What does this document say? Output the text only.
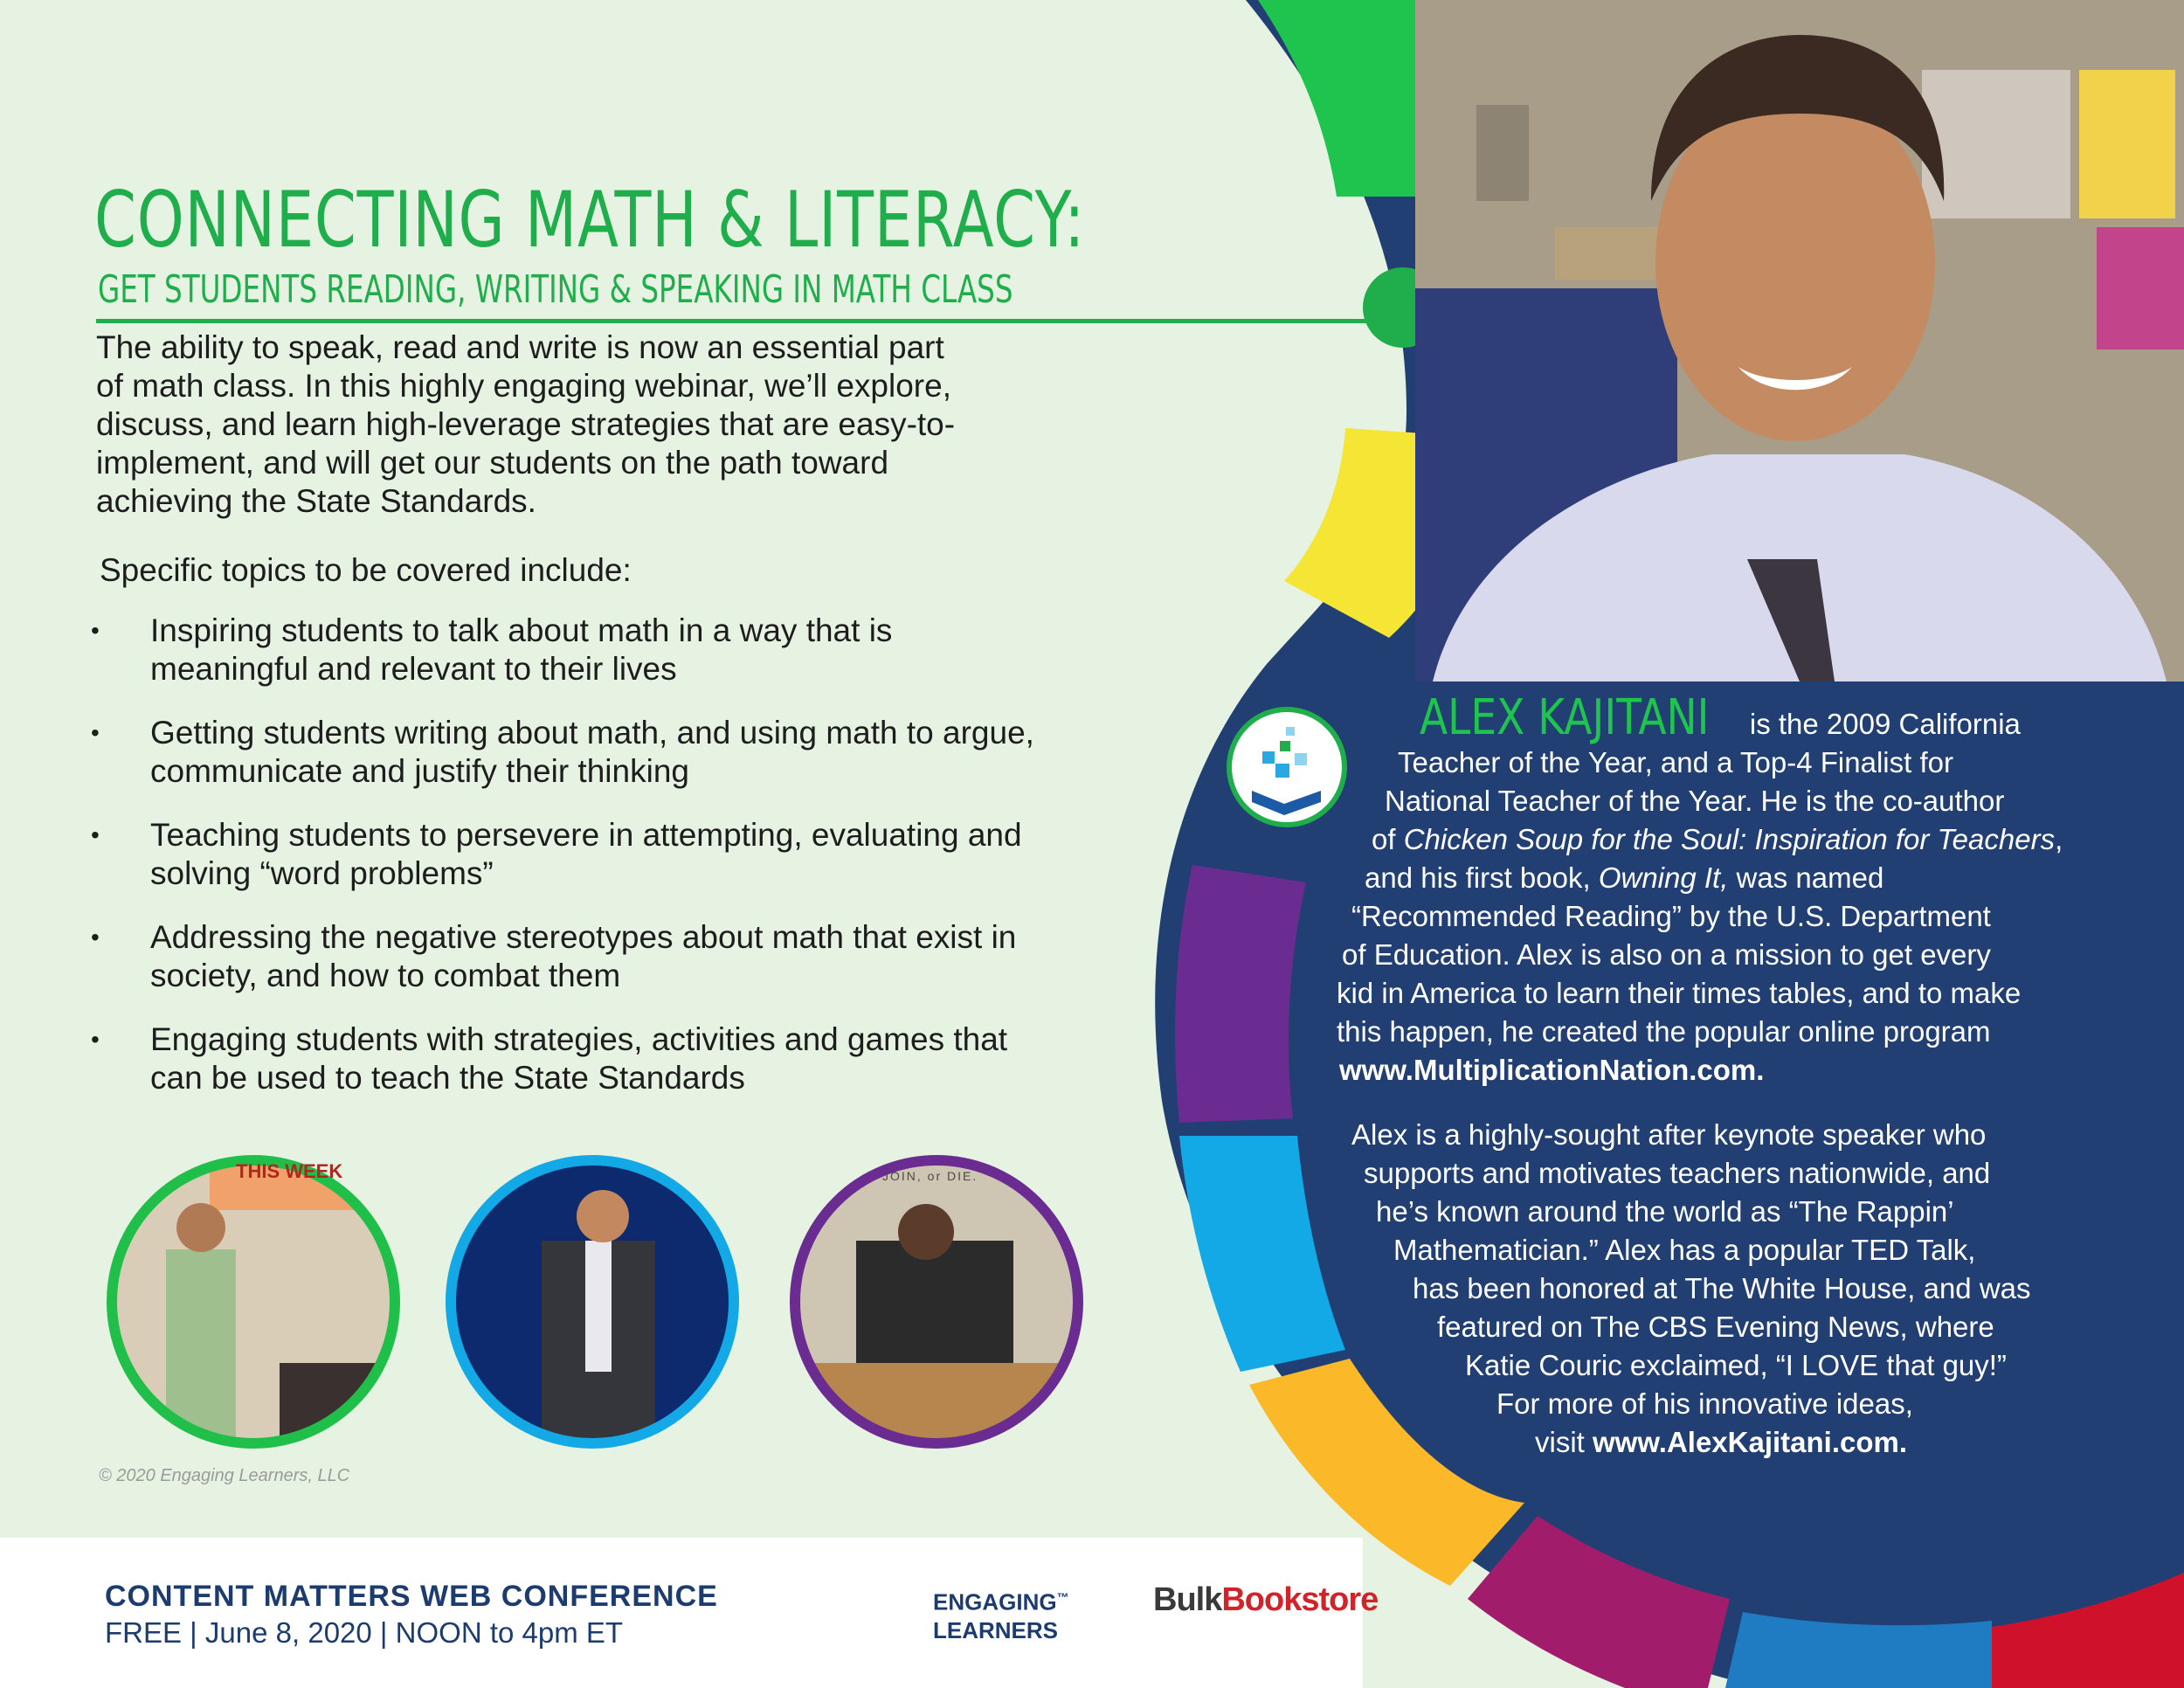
THIS WEEK	JOIN, or DIE.
CONNECTING MATH & LITERACY:
GET STUDENTS READING, WRITING & SPEAKING IN MATH CLASS

The ability to speak, read and write is now an essential part

of math class. In this highly engaging webinar, we’ll explore,

discuss, and learn high-leverage strategies that are easy-to-

implement, and will get our students on the path toward

achieving the State Standards.

Specific topics to be covered include:
• Inspiring students to talk about math in a way that is
meaningful and relevant to their lives
• Getting students writing about math, and using math to argue,
communicate and justify their thinking
• Teaching students to persevere in attempting, evaluating and
solving “word problems”
• Addressing the negative stereotypes about math that exist in
society, and how to combat them
• Engaging students with strategies, activities and games that
can be used to teach the State Standards
© 2020 Engaging Learners, LLC
ALEX KAJITANI is the 2009 California
Teacher of the Year, and a Top-4 Finalist for
National Teacher of the Year. He is the co-author
of Chicken Soup for the Soul: Inspiration for Teachers,
and his first book, Owning It, was named
“Recommended Reading” by the U.S. Department
of Education. Alex is also on a mission to get every
kid in America to learn their times tables, and to make
this happen, he created the popular online program
www.MultiplicationNation.com.
Alex is a highly-sought after keynote speaker who
supports and motivates teachers nationwide, and
he’s known around the world as “The Rappin’
Mathematician.” Alex has a popular TED Talk,
has been honored at The White House, and was
featured on The CBS Evening News, where
Katie Couric exclaimed, “I LOVE that guy!”
For more of his innovative ideas,
visit www.AlexKajitani.com.
CONTENT MATTERS WEB CONFERENCE
FREE | June 8, 2020 | NOON to 4pm ET
ENGAGING™
LEARNERS
BulkBookstore
